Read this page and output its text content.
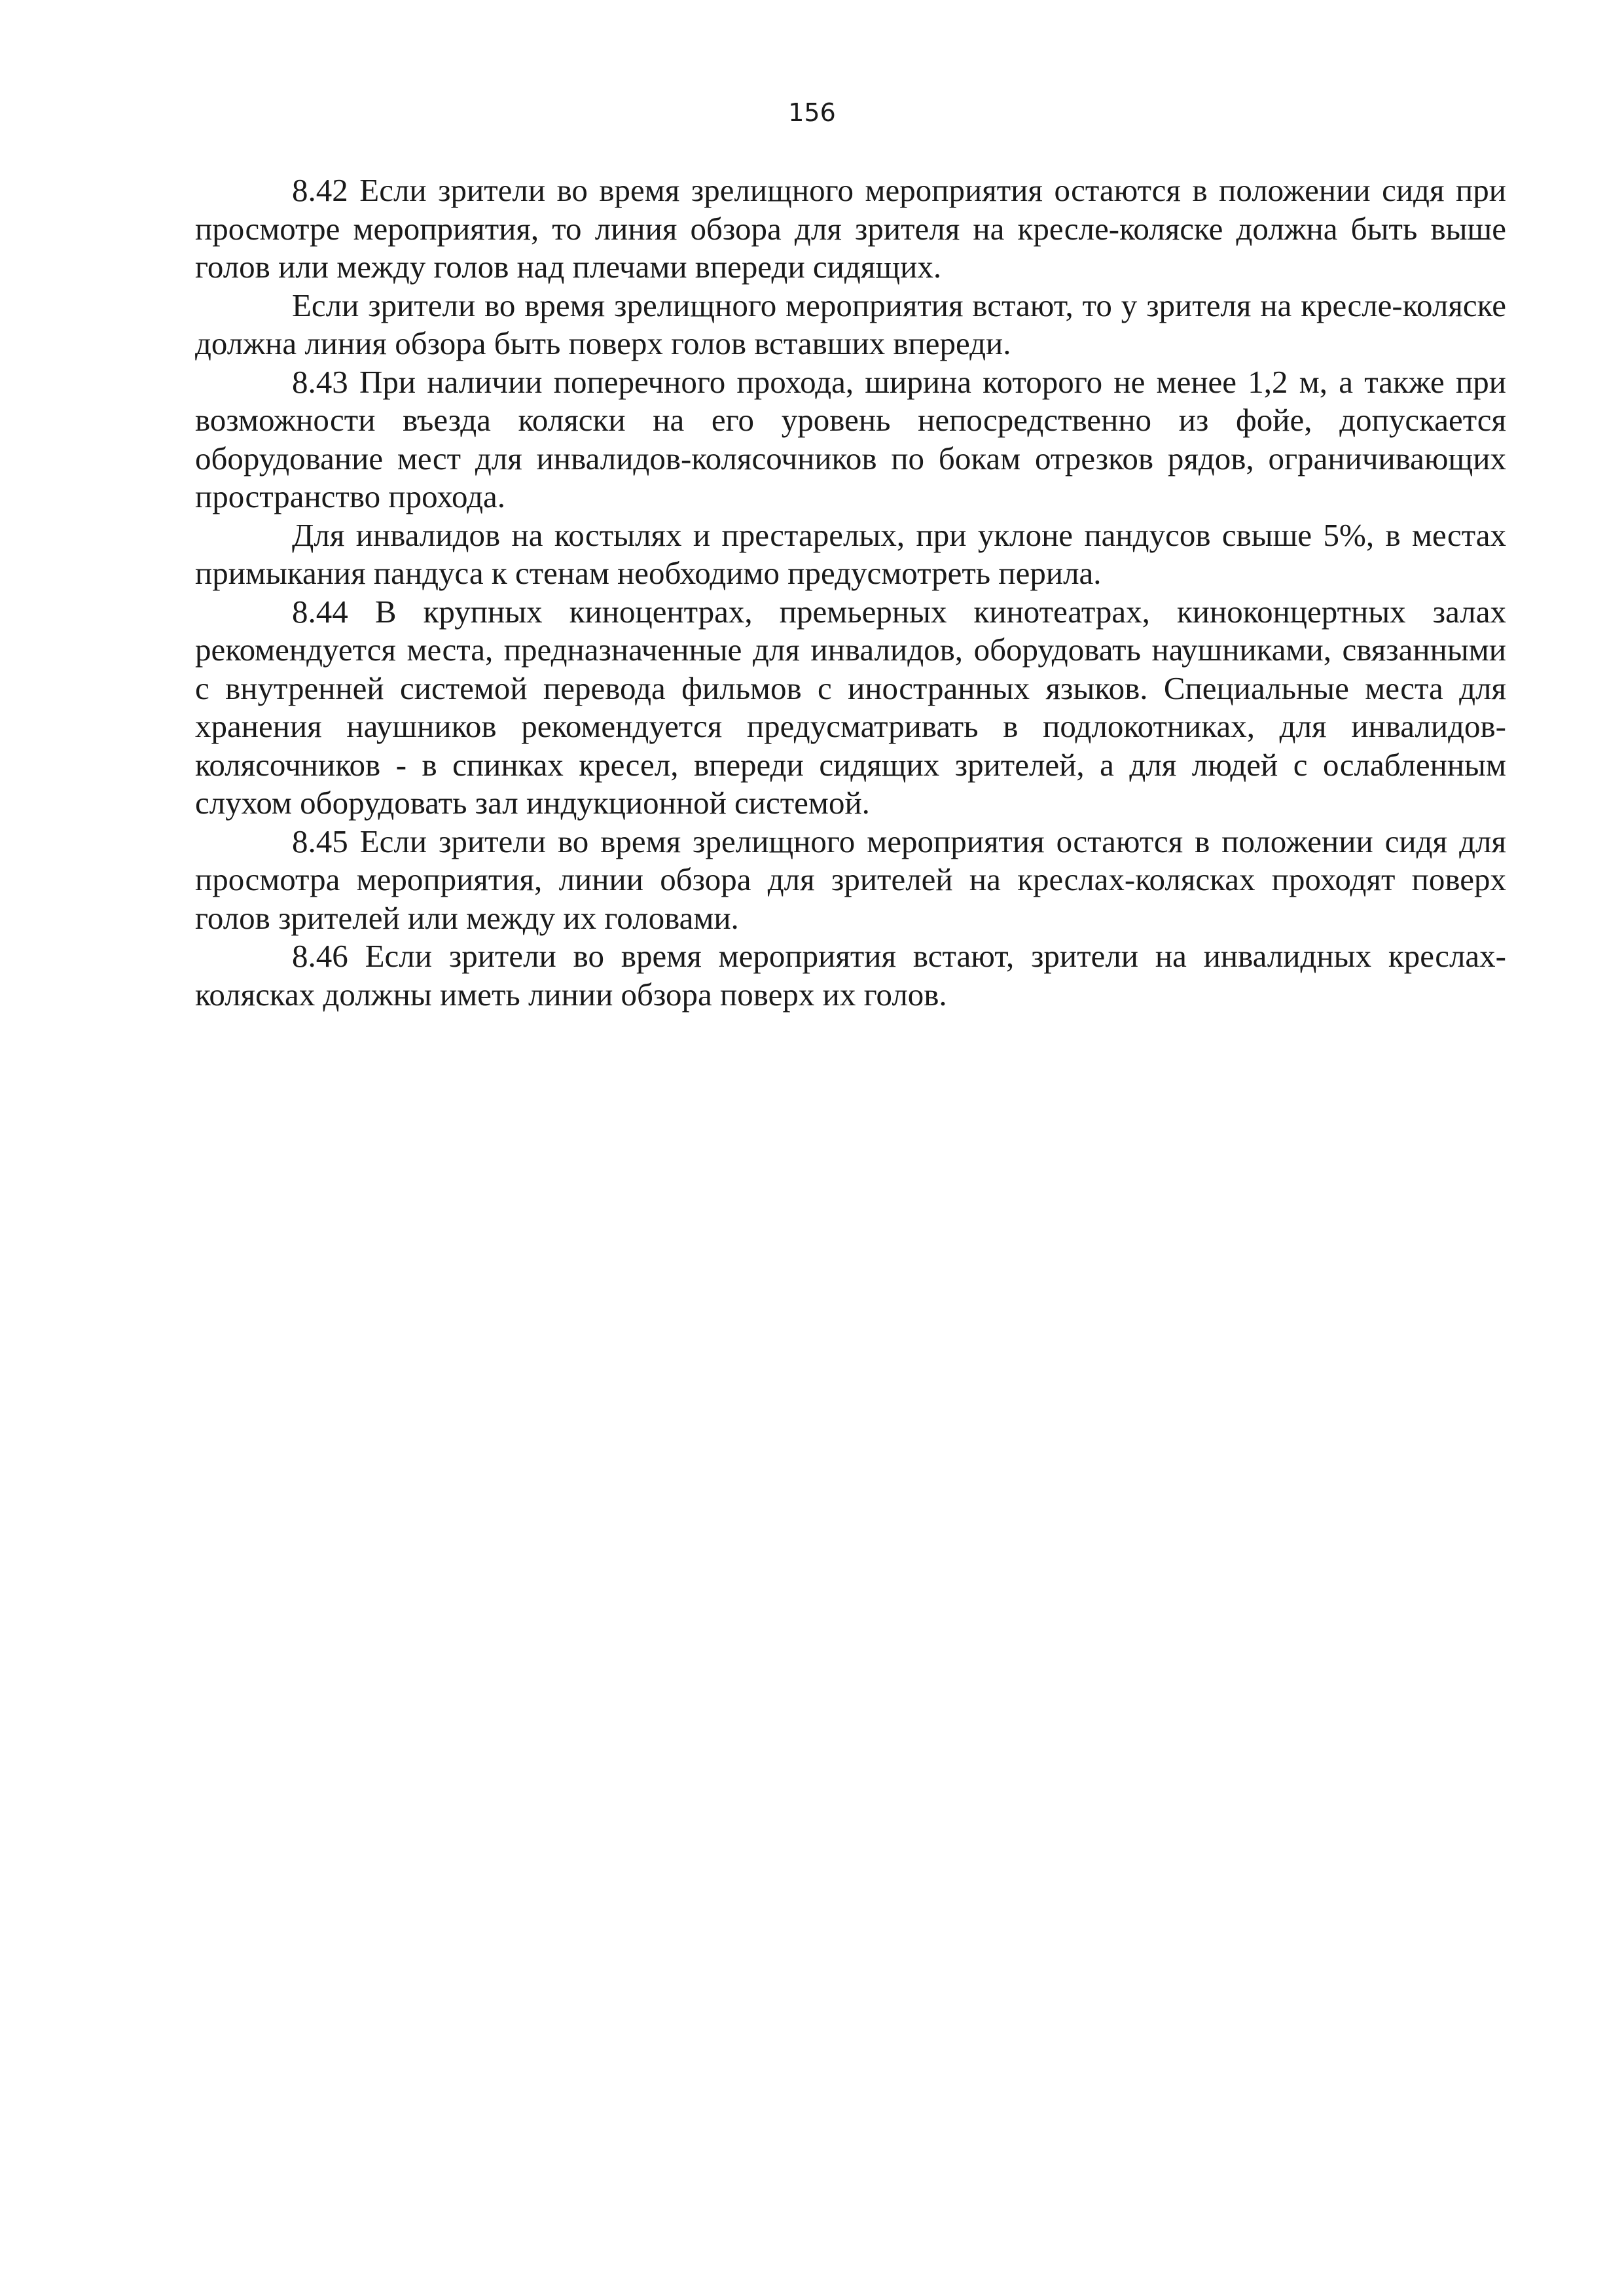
156

8.42 Если зрители во время зрелищного мероприятия остаются в положении сидя при просмотре мероприятия, то линия обзора для зрителя на кресле-коляске должна быть выше голов или между голов над плечами впереди сидящих.

Если зрители во время зрелищного мероприятия встают, то у зрителя на кресле-коляске должна линия обзора быть поверх голов вставших впереди.

8.43 При наличии поперечного прохода, ширина которого не менее 1,2 м, а также при возможности въезда коляски на его уровень непосредственно из фойе, допускается оборудование мест для инвалидов-колясочников по бокам отрезков рядов, ограничивающих пространство прохода.

Для инвалидов на костылях и престарелых, при уклоне пандусов свыше 5%, в местах примыкания пандуса к стенам необходимо предусмотреть перила.

8.44 В крупных киноцентрах, премьерных кинотеатрах, киноконцертных залах рекомендуется места, предназначенные для инвалидов, оборудовать наушниками, связанными с внутренней системой перевода фильмов с иностранных языков. Специальные места для хранения наушников рекомендуется предусматривать в подлокотниках, для инвалидов-колясочников - в спинках кресел, впереди сидящих зрителей, а для людей с ослабленным слухом оборудовать зал индукционной системой.

8.45 Если зрители во время зрелищного мероприятия остаются в положении сидя для просмотра мероприятия, линии обзора для зрителей на креслах-колясках проходят поверх голов зрителей или между их головами.

8.46 Если зрители во время мероприятия встают, зрители на инвалидных креслах-колясках должны иметь линии обзора поверх их голов.
